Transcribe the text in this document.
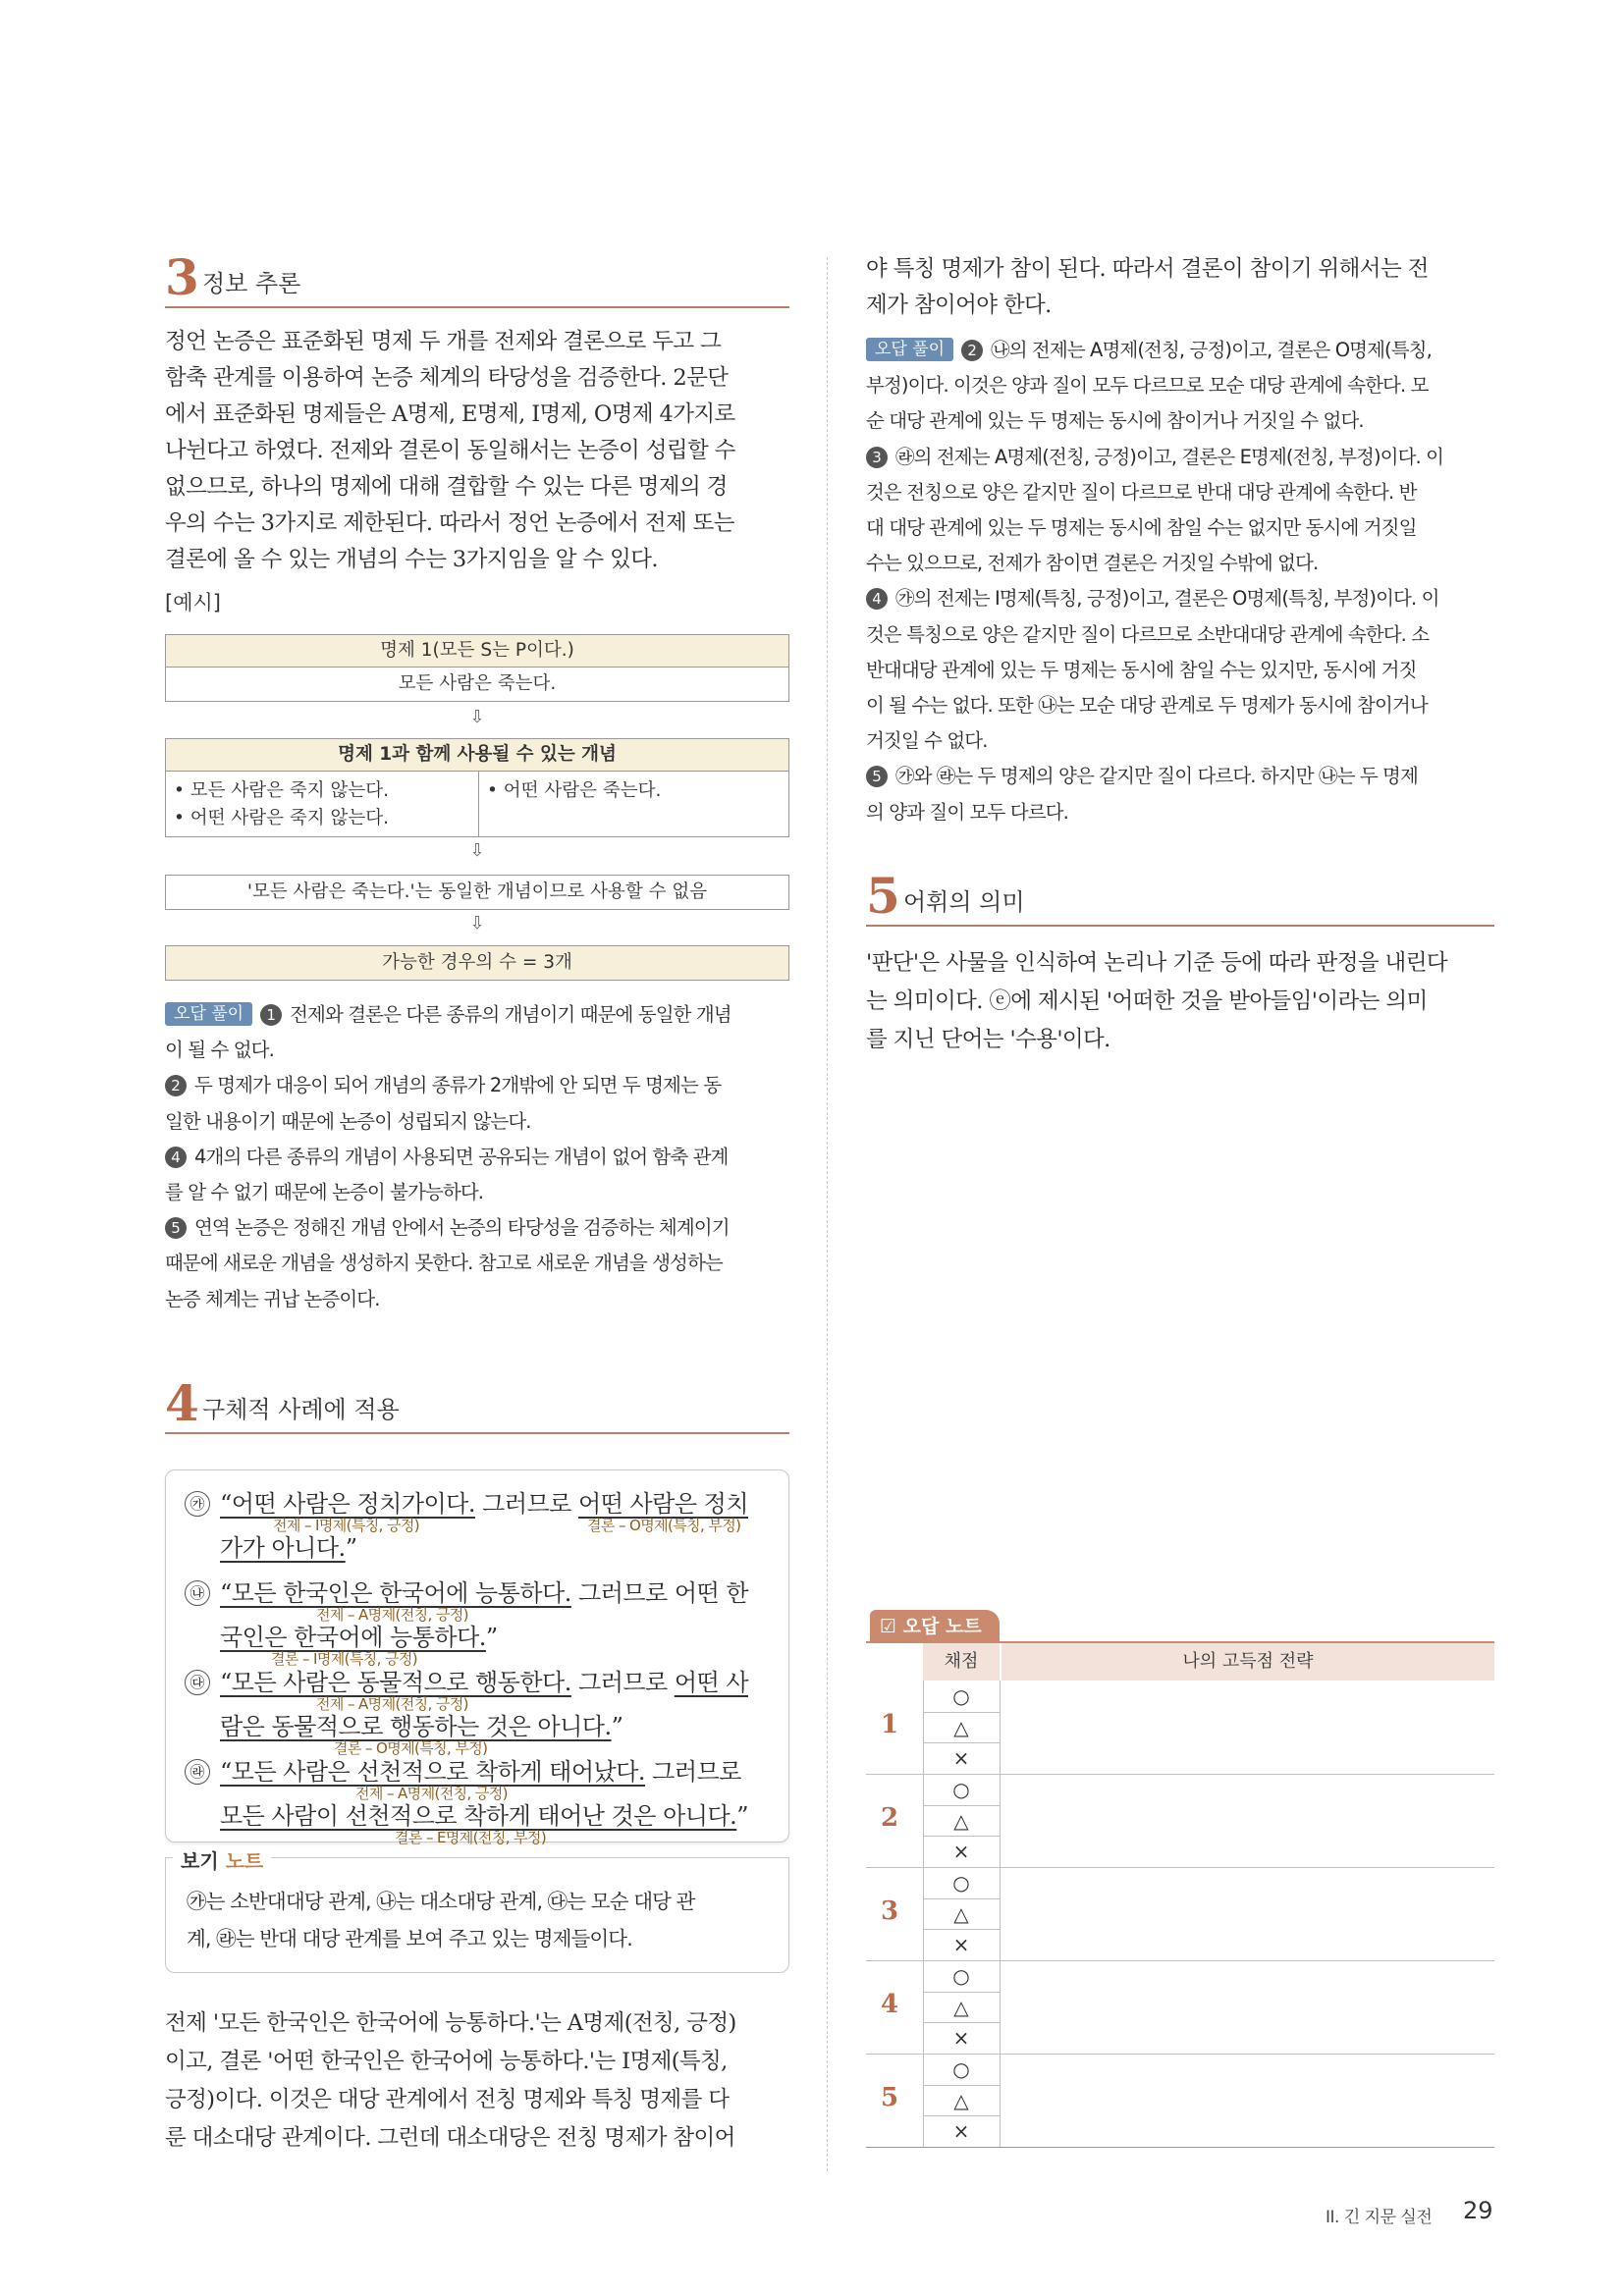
3 정보 추론

정언 논증은 표준화된 명제 두 개를 전제와 결론으로 두고 그

함축 관계를 이용하여 논증 체계의 타당성을 검증한다. 2문단

에서 표준화된 명제들은 A명제, E명제, I명제, O명제 4가지로

나뉜다고 하였다. 전제와 결론이 동일해서는 논증이 성립할 수

없으므로, 하나의 명제에 대해 결합할 수 있는 다른 명제의 경

우의 수는 3가지로 제한된다. 따라서 정언 논증에서 전제 또는

결론에 올 수 있는 개념의 수는 3가지임을 알 수 있다.

[예시]
명제 1(모든 S는 P이다.)
모든 사람은 죽는다.
⇩
명제 1과 함께 사용될 수 있는 개념
• 모든 사람은 죽지 않는다.
• 어떤 사람은 죽지 않는다.
• 어떤 사람은 죽는다.
⇩
'모든 사람은 죽는다.'는 동일한 개념이므로 사용할 수 없음
⇩
가능한 경우의 수 = 3개

오답 풀이 1 전제와 결론은 다른 종류의 개념이기 때문에 동일한 개념

이 될 수 없다.

2 두 명제가 대응이 되어 개념의 종류가 2개밖에 안 되면 두 명제는 동

일한 내용이기 때문에 논증이 성립되지 않는다.

4 4개의 다른 종류의 개념이 사용되면 공유되는 개념이 없어 함축 관계

를 알 수 없기 때문에 논증이 불가능하다.

5 연역 논증은 정해진 개념 안에서 논증의 타당성을 검증하는 체계이기

때문에 새로운 개념을 생성하지 못한다. 참고로 새로운 개념을 생성하는

논증 체계는 귀납 논증이다.

4 구체적 사례에 적용
㉮ “어떤 사람은 정치가이다. 그러므로 어떤 사람은 정치
전제 – I명제(특칭, 긍정)	결론 – O명제(특칭, 부정)
가가 아니다.”
㉯ “모든 한국인은 한국어에 능통하다. 그러므로 어떤 한
전제 – A명제(전칭, 긍정)
국인은 한국어에 능통하다.”
결론 – I명제(특칭, 긍정)
㉰ “모든 사람은 동물적으로 행동한다. 그러므로 어떤 사
전제 – A명제(전칭, 긍정)
람은 동물적으로 행동하는 것은 아니다.”
결론 – O명제(특칭, 부정)
㉱ “모든 사람은 선천적으로 착하게 태어났다. 그러므로
전제 – A명제(전칭, 긍정)
모든 사람이 선천적으로 착하게 태어난 것은 아니다.”
결론 – E명제(전칭, 부정)
보기 노트

㉮는 소반대대당 관계, ㉯는 대소대당 관계, ㉰는 모순 대당 관

계, ㉱는 반대 대당 관계를 보여 주고 있는 명제들이다.

전제 '모든 한국인은 한국어에 능통하다.'는 A명제(전칭, 긍정)

이고, 결론 '어떤 한국인은 한국어에 능통하다.'는 I명제(특칭,

긍정)이다. 이것은 대당 관계에서 전칭 명제와 특칭 명제를 다

룬 대소대당 관계이다. 그런데 대소대당은 전칭 명제가 참이어

야 특칭 명제가 참이 된다. 따라서 결론이 참이기 위해서는 전

제가 참이어야 한다.

오답 풀이 2 ㉯의 전제는 A명제(전칭, 긍정)이고, 결론은 O명제(특칭,

부정)이다. 이것은 양과 질이 모두 다르므로 모순 대당 관계에 속한다. 모

순 대당 관계에 있는 두 명제는 동시에 참이거나 거짓일 수 없다.

3 ㉱의 전제는 A명제(전칭, 긍정)이고, 결론은 E명제(전칭, 부정)이다. 이

것은 전칭으로 양은 같지만 질이 다르므로 반대 대당 관계에 속한다. 반

대 대당 관계에 있는 두 명제는 동시에 참일 수는 없지만 동시에 거짓일

수는 있으므로, 전제가 참이면 결론은 거짓일 수밖에 없다.

4 ㉮의 전제는 I명제(특칭, 긍정)이고, 결론은 O명제(특칭, 부정)이다. 이

것은 특칭으로 양은 같지만 질이 다르므로 소반대대당 관계에 속한다. 소

반대대당 관계에 있는 두 명제는 동시에 참일 수는 있지만, 동시에 거짓

이 될 수는 없다. 또한 ㉯는 모순 대당 관계로 두 명제가 동시에 참이거나

거짓일 수 없다.

5 ㉮와 ㉱는 두 명제의 양은 같지만 질이 다르다. 하지만 ㉯는 두 명제

의 양과 질이 모두 다르다.

5 어휘의 의미

'판단'은 사물을 인식하여 논리나 기준 등에 따라 판정을 내린다

는 의미이다. ⓔ에 제시된 '어떠한 것을 받아들임'이라는 의미

를 지닌 단어는 '수용'이다.

☑ 오답 노트
채점	나의 고득점 전략
1
○
△
×
2
○
△
×
3
○
△
×
4
○
△
×
5
○
△
×
II. 긴 지문 실전 29
